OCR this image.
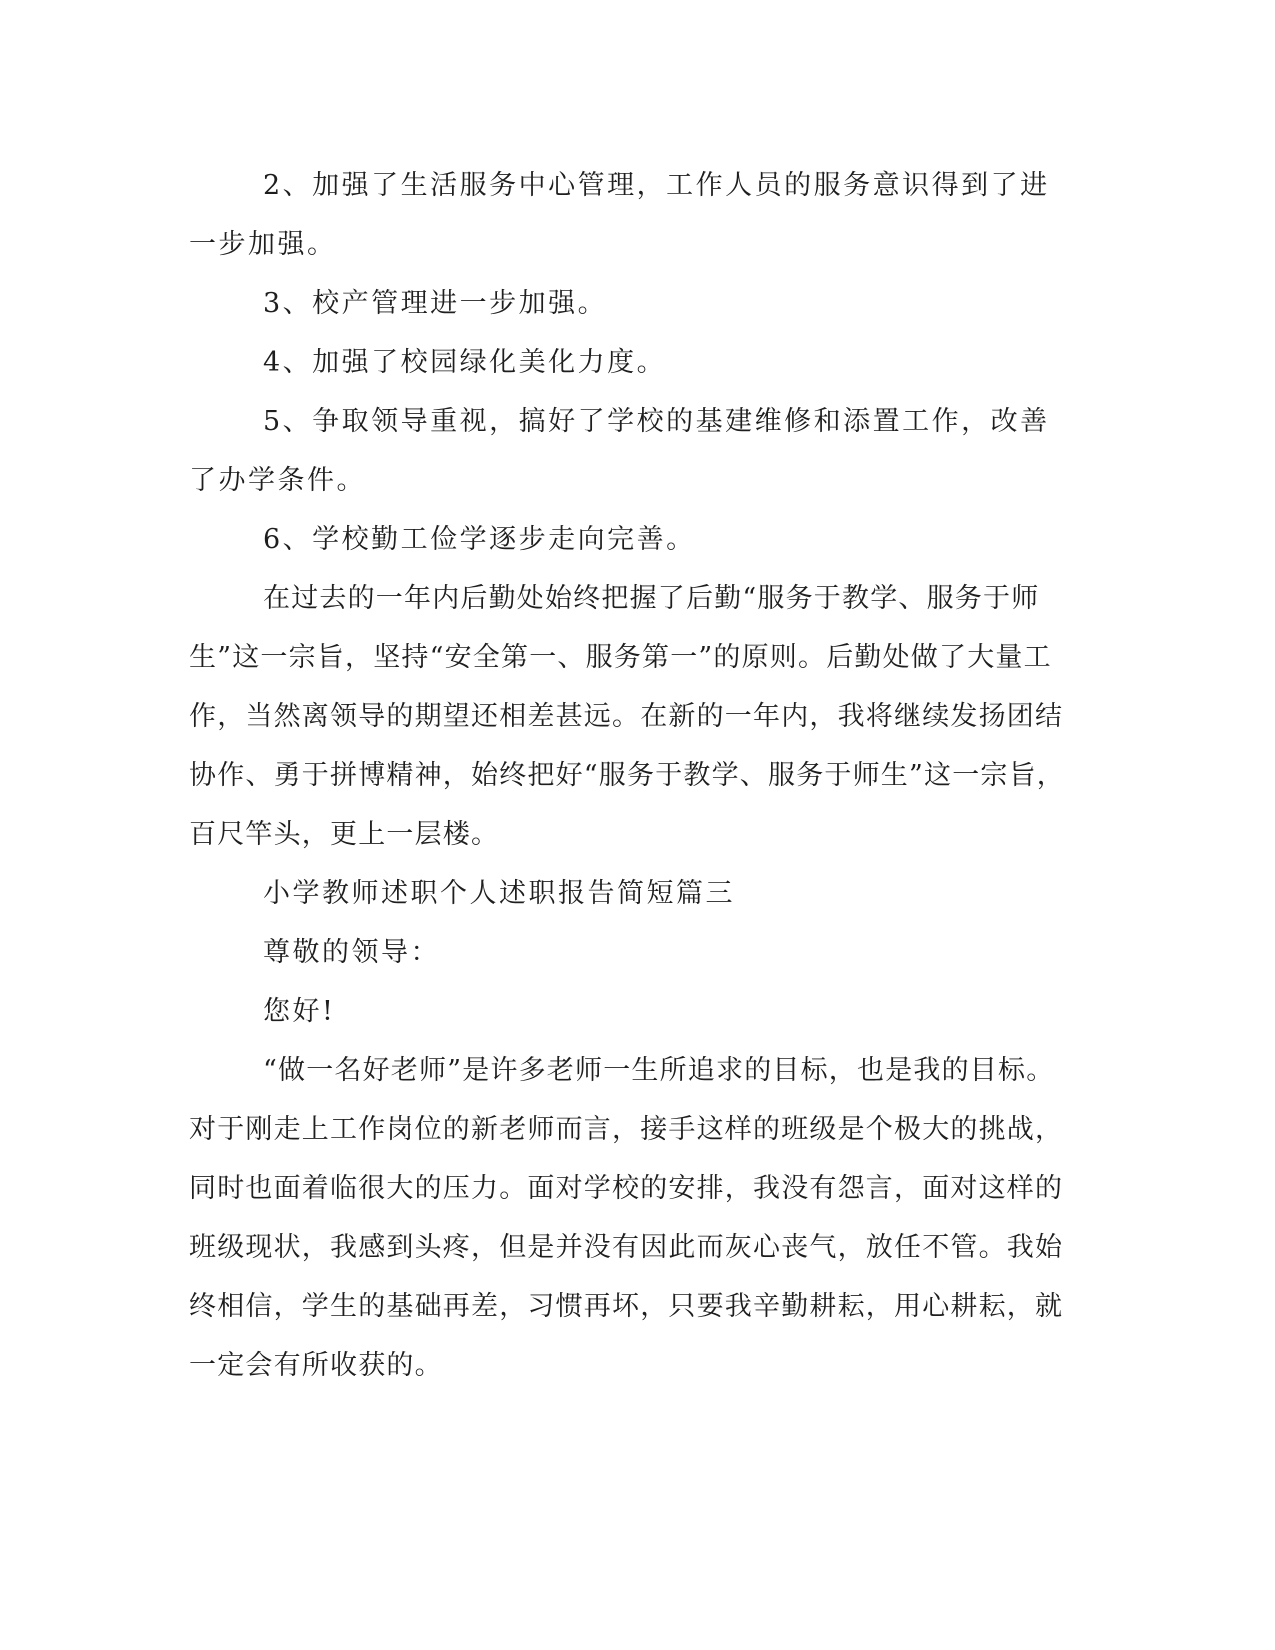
2、加强了生活服务中心管理，工作人员的服务意识得到了进一步加强。

3、校产管理进一步加强。

4、加强了校园绿化美化力度。

5、争取领导重视，搞好了学校的基建维修和添置工作，改善了办学条件。

6、学校勤工俭学逐步走向完善。

在过去的一年内后勤处始终把握了后勤“服务于教学、服务于师生”这一宗旨，坚持“安全第一、服务第一”的原则。后勤处做了大量工作，当然离领导的期望还相差甚远。在新的一年内，我将继续发扬团结协作、勇于拼博精神，始终把好“服务于教学、服务于师生”这一宗旨，百尺竿头，更上一层楼。

小学教师述职个人述职报告简短篇三

尊敬的领导：

您好!

“做一名好老师”是许多老师一生所追求的目标，也是我的目标。对于刚走上工作岗位的新老师而言，接手这样的班级是个极大的挑战，同时也面着临很大的压力。面对学校的安排，我没有怨言，面对这样的班级现状，我感到头疼，但是并没有因此而灰心丧气，放任不管。我始终相信，学生的基础再差，习惯再坏，只要我辛勤耕耘，用心耕耘，就一定会有所收获的。
